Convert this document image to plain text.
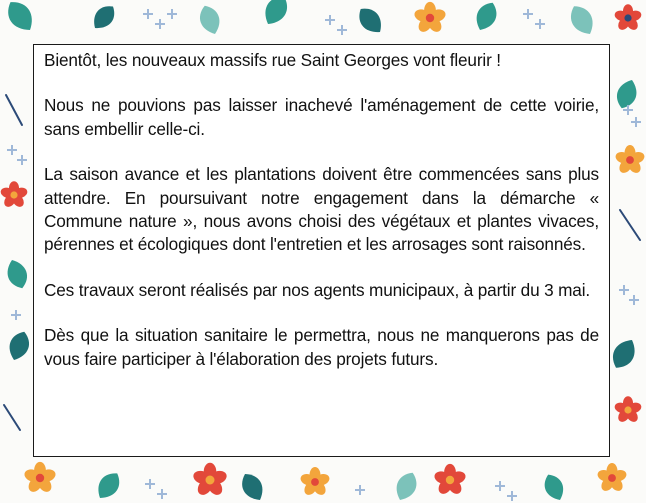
Bientôt, les nouveaux massifs rue Saint Georges vont fleurir !

Nous ne pouvions pas laisser inachevé l'aménagement de cette voirie, sans embellir celle-ci.

La saison avance et les plantations doivent être commencées sans plus attendre. En poursuivant notre engagement dans la démarche « Commune nature », nous avons choisi des végétaux et plantes vivaces, pérennes et écologiques dont l'entretien et les arrosages sont raisonnés.

Ces travaux seront réalisés par nos agents municipaux, à partir du 3 mai.

Dès que la situation sanitaire le permettra, nous ne manquerons pas de vous faire participer à l'élaboration des projets futurs.
